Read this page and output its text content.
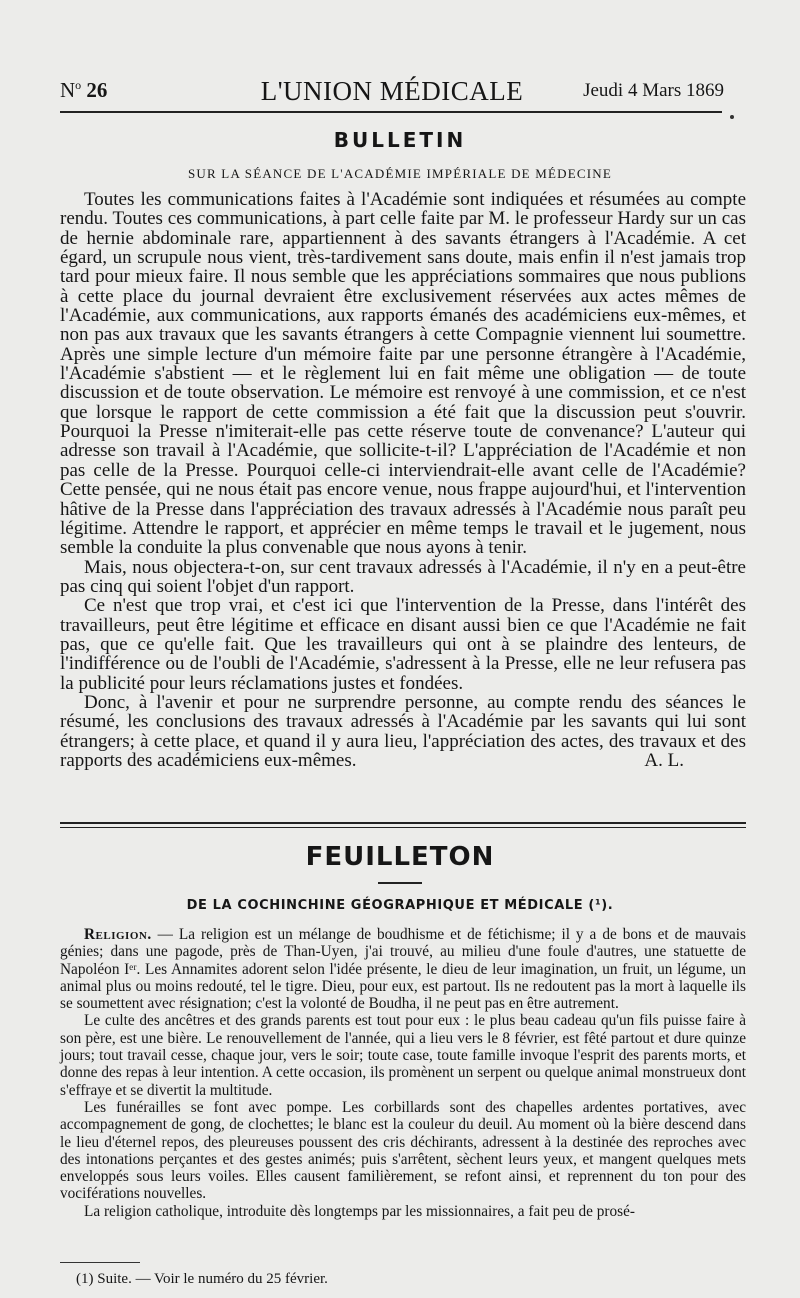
$N^o$ 26	L'UNION MÉDICALE	Jeudi 4 Mars 1869
BULLETIN
SUR LA SÉANCE DE L'ACADÉMIE IMPÉRIALE DE MÉDECINE

Toutes les communications faites à l'Académie sont indiquées et résumées au compte rendu. Toutes ces communications, à part celle faite par M. le professeur Hardy sur un cas de hernie abdominale rare, appartiennent à des savants étrangers à l'Académie. A cet égard, un scrupule nous vient, très-tardivement sans doute, mais enfin il n'est jamais trop tard pour mieux faire. Il nous semble que les appréciations sommaires que nous publions à cette place du journal devraient être exclusivement réservées aux actes mêmes de l'Académie, aux communications, aux rapports émanés des académiciens eux-mêmes, et non pas aux travaux que les savants étrangers à cette Compagnie viennent lui soumettre. Après une simple lecture d'un mémoire faite par une personne étrangère à l'Académie, l'Académie s'abstient — et le règlement lui en fait même une obligation — de toute discussion et de toute observation. Le mémoire est renvoyé à une commission, et ce n'est que lorsque le rapport de cette commission a été fait que la discussion peut s'ouvrir. Pourquoi la Presse n'imiterait-elle pas cette réserve toute de convenance? L'auteur qui adresse son travail à l'Académie, que sollicite-t-il? L'appréciation de l'Académie et non pas celle de la Presse. Pourquoi celle-ci interviendrait-elle avant celle de l'Académie? Cette pensée, qui ne nous était pas encore venue, nous frappe aujourd'hui, et l'intervention hâtive de la Presse dans l'appréciation des travaux adressés à l'Académie nous paraît peu légitime. Attendre le rapport, et apprécier en même temps le travail et le jugement, nous semble la conduite la plus convenable que nous ayons à tenir.

Mais, nous objectera-t-on, sur cent travaux adressés à l'Académie, il n'y en a peut-être pas cinq qui soient l'objet d'un rapport.

Ce n'est que trop vrai, et c'est ici que l'intervention de la Presse, dans l'intérêt des travailleurs, peut être légitime et efficace en disant aussi bien ce que l'Académie ne fait pas, que ce qu'elle fait. Que les travailleurs qui ont à se plaindre des lenteurs, de l'indifférence ou de l'oubli de l'Académie, s'adressent à la Presse, elle ne leur refusera pas la publicité pour leurs réclamations justes et fondées.

Donc, à l'avenir et pour ne surprendre personne, au compte rendu des séances le résumé, les conclusions des travaux adressés à l'Académie par les savants qui lui sont étrangers; à cette place, et quand il y aura lieu, l'appréciation des actes, des travaux et des rapports des académiciens eux-mêmes.	A. L.

FEUILLETON
DE LA COCHINCHINE GÉOGRAPHIQUE ET MÉDICALE (¹).

Religion. — La religion est un mélange de boudhisme et de fétichisme; il y a de bons et de mauvais génies; dans une pagode, près de Than-Uyen, j'ai trouvé, au milieu d'une foule d'autres, une statuette de Napoléon Iᵉʳ. Les Annamites adorent selon l'idée présente, le dieu de leur imagination, un fruit, un légume, un animal plus ou moins redouté, tel le tigre. Dieu, pour eux, est partout. Ils ne redoutent pas la mort à laquelle ils se soumettent avec résignation; c'est la volonté de Boudha, il ne peut pas en être autrement.

Le culte des ancêtres et des grands parents est tout pour eux : le plus beau cadeau qu'un fils puisse faire à son père, est une bière. Le renouvellement de l'année, qui a lieu vers le 8 février, est fêté partout et dure quinze jours; tout travail cesse, chaque jour, vers le soir; toute case, toute famille invoque l'esprit des parents morts, et donne des repas à leur intention. A cette occasion, ils promènent un serpent ou quelque animal monstrueux dont s'effraye et se divertit la multitude.

Les funérailles se font avec pompe. Les corbillards sont des chapelles ardentes portatives, avec accompagnement de gong, de clochettes; le blanc est la couleur du deuil. Au moment où la bière descend dans le lieu d'éternel repos, des pleureuses poussent des cris déchirants, adressent à la destinée des reproches avec des intonations perçantes et des gestes animés; puis s'arrêtent, sèchent leurs yeux, et mangent quelques mets enveloppés sous leurs voiles. Elles causent familièrement, se refont ainsi, et reprennent du ton pour des vociférations nouvelles.

La religion catholique, introduite dès longtemps par les missionnaires, a fait peu de prosé-

(1) Suite. — Voir le numéro du 25 février.
